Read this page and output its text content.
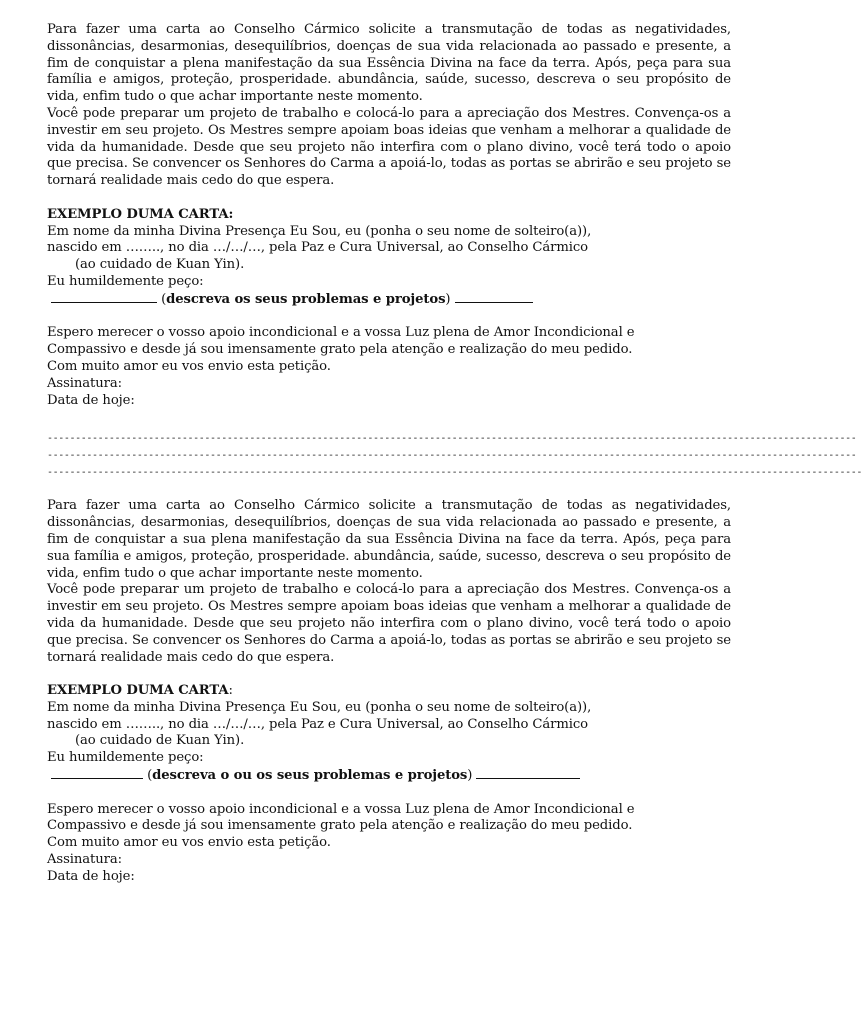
Para fazer uma carta ao Conselho Cármico solicite a transmutação de todas as negatividades, dissonâncias, desarmonias, desequilíbrios, doenças de sua vida relacionada ao passado e presente, a fim de conquistar a plena manifestação da sua Essência Divina na face da terra. Após, peça para sua família e amigos, proteção, prosperidade. abundância, saúde, sucesso, descreva o seu propósito de vida, enfim tudo o que achar importante neste momento.

Você pode preparar um projeto de trabalho e colocá-lo para a apreciação dos Mestres. Convença-os a investir em seu projeto. Os Mestres sempre apoiam boas ideias que venham a melhorar a qualidade de vida da humanidade. Desde que seu projeto não interfira com o plano divino, você terá todo o apoio que precisa. Se convencer os Senhores do Carma a apoiá-lo, todas as portas se abrirão e seu projeto se tornará realidade mais cedo do que espera.

EXEMPLO DUMA CARTA:

Em nome da minha Divina Presença Eu Sou, eu (ponha o seu nome de solteiro(a)),

nascido em …….., no dia …/…/…, pela Paz e Cura Universal, ao Conselho Cármico

(ao cuidado de Kuan Yin).

Eu humildemente peço:

(descreva os seus problemas e projetos)

Espero merecer o vosso apoio incondicional e a vossa Luz plena de Amor Incondicional e

Compassivo e desde já sou imensamente grato pela atenção e realização do meu pedido.

Com muito amor eu vos envio esta petição.

Assinatura:

Data de hoje:

------------------------------------------------------------------------------------------------------------------------------------------------
------------------------------------------------------------------------------------------------------------------------------------------------
-------------------------------------------------------------------------------------------------------------------------------------------------

Para fazer uma carta ao Conselho Cármico solicite a transmutação de todas as negatividades, dissonâncias, desarmonias, desequilíbrios, doenças de sua vida relacionada ao passado e presente, a fim de conquistar a sua plena manifestação da sua Essência Divina na face da terra. Após, peça para sua família e amigos, proteção, prosperidade. abundância, saúde, sucesso, descreva o seu propósito de vida, enfim tudo o que achar importante neste momento.

Você pode preparar um projeto de trabalho e colocá-lo para a apreciação dos Mestres. Convença-os a investir em seu projeto. Os Mestres sempre apoiam boas ideias que venham a melhorar a qualidade de vida da humanidade. Desde que seu projeto não interfira com o plano divino, você terá todo o apoio que precisa. Se convencer os Senhores do Carma a apoiá-lo, todas as portas se abrirão e seu projeto se tornará realidade mais cedo do que espera.

EXEMPLO DUMA CARTA:

Em nome da minha Divina Presença Eu Sou, eu (ponha o seu nome de solteiro(a)),

nascido em …….., no dia …/…/…, pela Paz e Cura Universal, ao Conselho Cármico

(ao cuidado de Kuan Yin).

Eu humildemente peço:

(descreva o ou os seus problemas e projetos)

Espero merecer o vosso apoio incondicional e a vossa Luz plena de Amor Incondicional e

Compassivo e desde já sou imensamente grato pela atenção e realização do meu pedido.

Com muito amor eu vos envio esta petição.

Assinatura:

Data de hoje:
